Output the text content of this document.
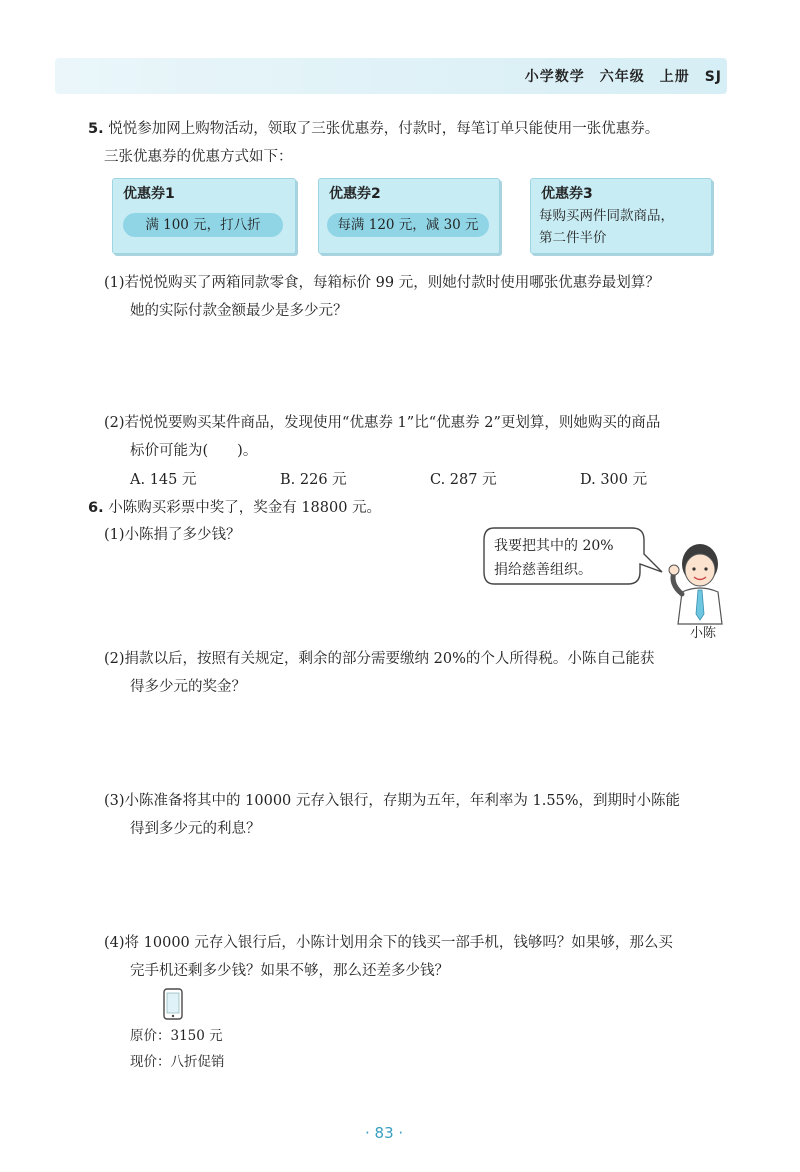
小学数学　六年级　上册　SJ
5. 悦悦参加网上购物活动，领取了三张优惠券，付款时，每笔订单只能使用一张优惠券。
三张优惠券的优惠方式如下：
优惠券1
满 100 元，打八折
优惠券2
每满 120 元，减 30 元
优惠券3
每购买两件同款商品，
第二件半价
(1)若悦悦购买了两箱同款零食，每箱标价 99 元，则她付款时使用哪张优惠券最划算？
她的实际付款金额最少是多少元？
(2)若悦悦要购买某件商品，发现使用“优惠券 1”比“优惠券 2”更划算，则她购买的商品
标价可能为(　　)。
A. 145 元	B. 226 元	C. 287 元	D. 300 元
6. 小陈购买彩票中奖了，奖金有 18800 元。
(1)小陈捐了多少钱？
我要把其中的 20%
捐给慈善组织。
小陈
(2)捐款以后，按照有关规定，剩余的部分需要缴纳 20%的个人所得税。小陈自己能获
得多少元的奖金？
(3)小陈准备将其中的 10000 元存入银行，存期为五年，年利率为 1.55%，到期时小陈能
得到多少元的利息？
(4)将 10000 元存入银行后，小陈计划用余下的钱买一部手机，钱够吗？如果够，那么买
完手机还剩多少钱？如果不够，那么还差多少钱？
原价：3150 元
现价：八折促销
· 83 ·
